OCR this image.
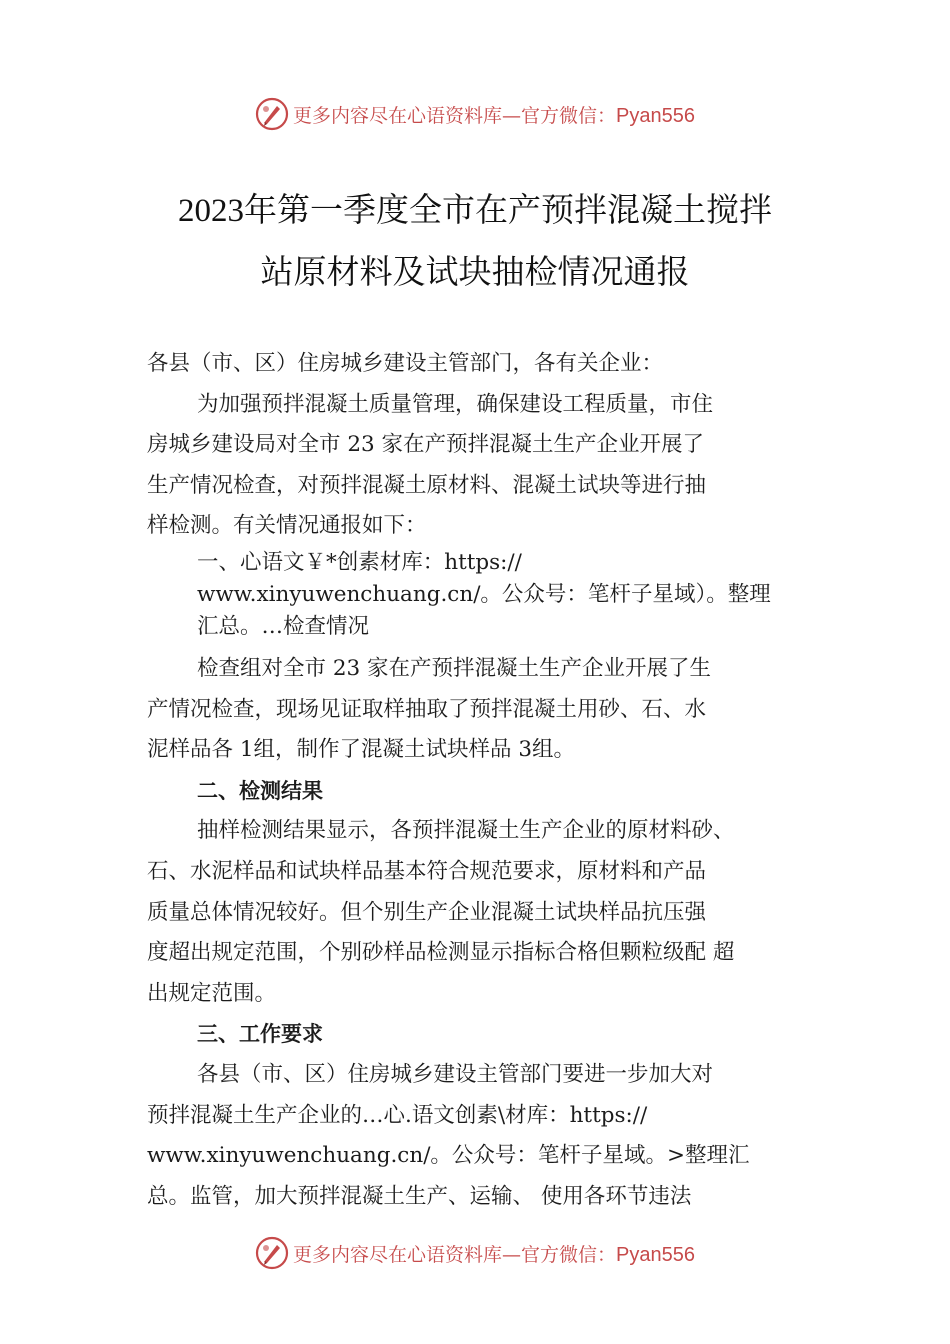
更多内容尽在心语资料库—官方微信：Pyan556
2023年第一季度全市在产预拌混凝土搅拌
站原材料及试块抽检情况通报
各县（市、区）住房城乡建设主管部门，各有关企业：
为加强预拌混凝土质量管理，确保建设工程质量，市住
房城乡建设局对全市 23 家在产预拌混凝土生产企业开展了
生产情况检查，对预拌混凝土原材料、混凝土试块等进行抽
样检测。有关情况通报如下：
一、心语文￥*创素材库：https://
www.xinyuwenchuang.cn/。公众号：笔杆子星域）。整理
汇总。…检查情况
检查组对全市 23 家在产预拌混凝土生产企业开展了生
产情况检查，现场见证取样抽取了预拌混凝土用砂、石、水
泥样品各 1组，制作了混凝土试块样品 3组。
二、检测结果
抽样检测结果显示，各预拌混凝土生产企业的原材料砂、
石、水泥样品和试块样品基本符合规范要求，原材料和产品
质量总体情况较好。但个别生产企业混凝土试块样品抗压强
度超出规定范围，个别砂样品检测显示指标合格但颗粒级配 超
出规定范围。
三、工作要求
各县（市、区）住房城乡建设主管部门要进一步加大对
预拌混凝土生产企业的…心.语文创素\材库：https://
www.xinyuwenchuang.cn/。公众号：笔杆子星域。>整理汇
总。监管，加大预拌混凝土生产、运输、 使用各环节违法
更多内容尽在心语资料库—官方微信：Pyan556
